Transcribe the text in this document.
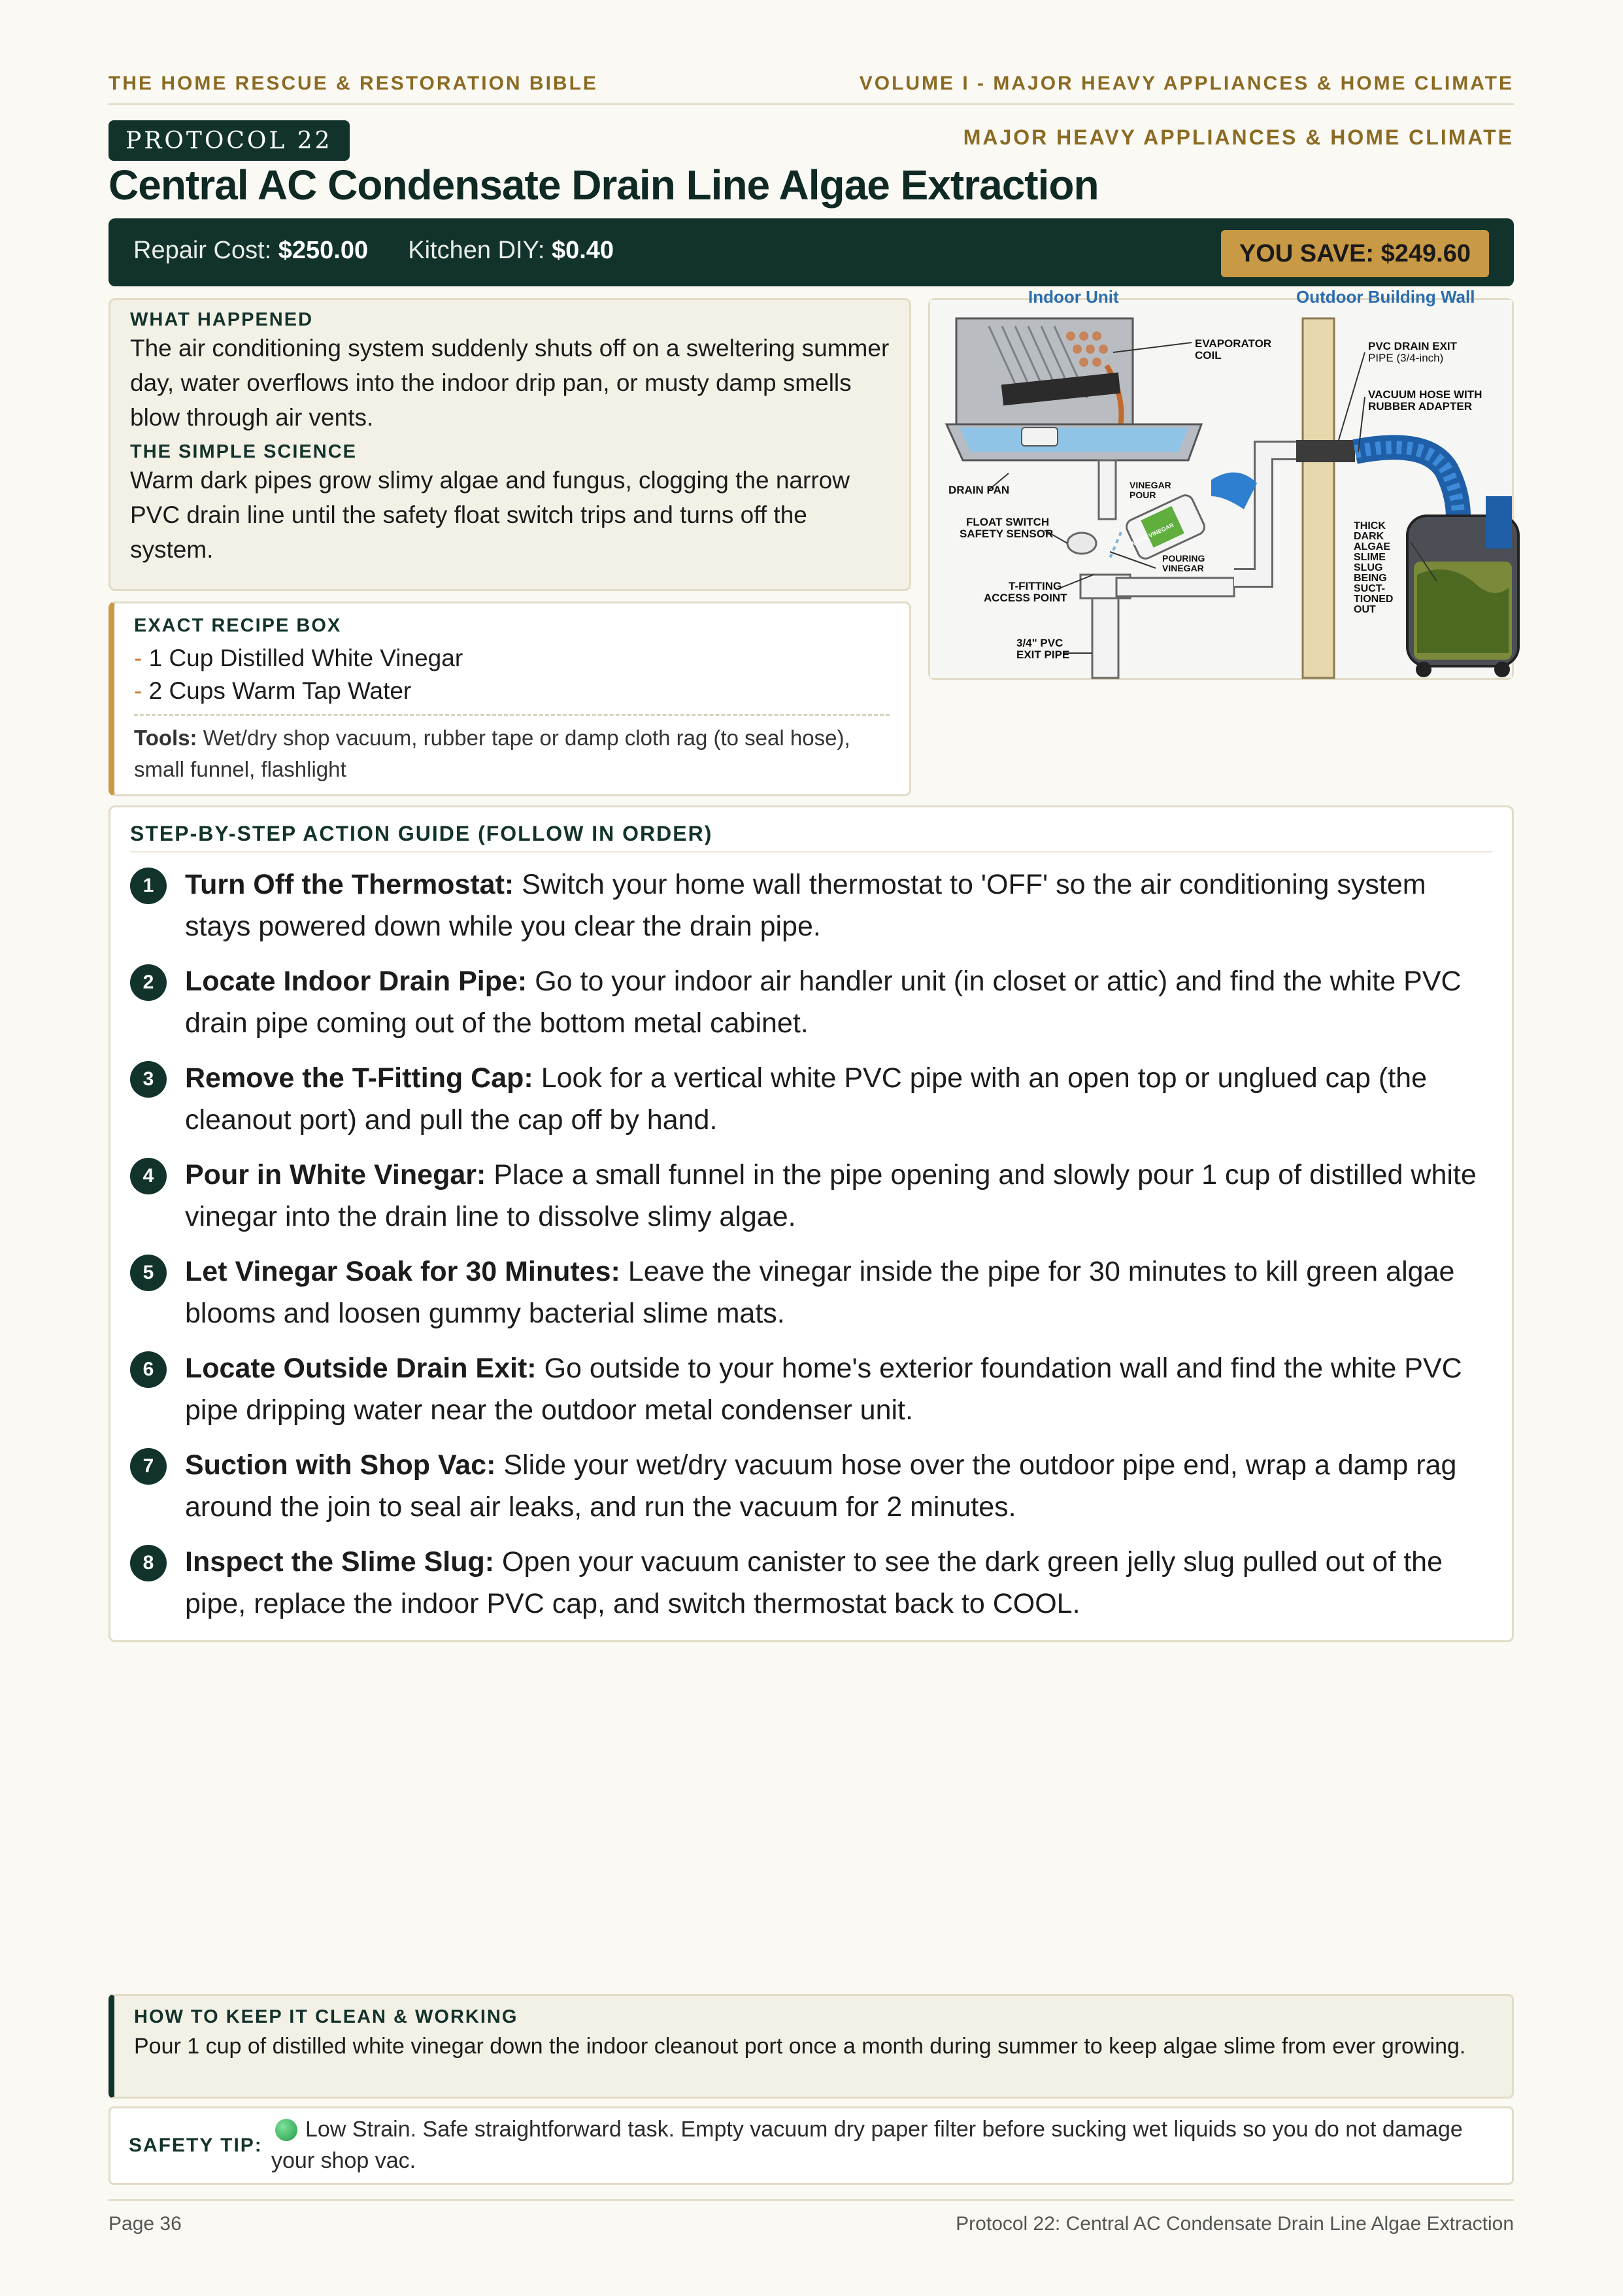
THE HOME RESCUE & RESTORATION BIBLE	VOLUME I - MAJOR HEAVY APPLIANCES & HOME CLIMATE
PROTOCOL 22	MAJOR HEAVY APPLIANCES & HOME CLIMATE
Central AC Condensate Drain Line Algae Extraction
Repair Cost: $250.00 Kitchen DIY: $0.40	YOU SAVE: $249.60
WHAT HAPPENED

The air conditioning system suddenly shuts off on a sweltering summer day, water overflows into the indoor drip pan, or musty damp smells blow through air vents.

THE SIMPLE SCIENCE

Warm dark pipes grow slimy algae and fungus, clogging the narrow PVC drain line until the safety float switch trips and turns off the system.

EXACT RECIPE BOX
- 1 Cup Distilled White Vinegar
- 2 Cups Warm Tap Water
Tools: Wet/dry shop vacuum, rubber tape or damp cloth rag (to seal hose), small funnel, flashlight
Indoor Unit	Outdoor Building Wall
WHITE VINEGAR
EVAPORATOR
COIL
PVC DRAIN EXIT
PIPE (3/4-inch)
VACUUM HOSE WITH
RUBBER ADAPTER
DRAIN PAN	VINEGAR
POUR
FLOAT SWITCH
SAFETY SENSOR
POURING
VINEGAR
T-FITTING
ACCESS POINT
3/4" PVC
EXIT PIPE
THICK
DARK
ALGAE
SLIME
SLUG
BEING
SUCT-
TIONED
OUT
STEP-BY-STEP ACTION GUIDE (FOLLOW IN ORDER)
1	Turn Off the Thermostat: Switch your home wall thermostat to 'OFF' so the air conditioning system stays powered down while you clear the drain pipe.
2	Locate Indoor Drain Pipe: Go to your indoor air handler unit (in closet or attic) and find the white PVC drain pipe coming out of the bottom metal cabinet.
3	Remove the T-Fitting Cap: Look for a vertical white PVC pipe with an open top or unglued cap (the cleanout port) and pull the cap off by hand.
4	Pour in White Vinegar: Place a small funnel in the pipe opening and slowly pour 1 cup of distilled white vinegar into the drain line to dissolve slimy algae.
5	Let Vinegar Soak for 30 Minutes: Leave the vinegar inside the pipe for 30 minutes to kill green algae blooms and loosen gummy bacterial slime mats.
6	Locate Outside Drain Exit: Go outside to your home's exterior foundation wall and find the white PVC pipe dripping water near the outdoor metal condenser unit.
7	Suction with Shop Vac: Slide your wet/dry vacuum hose over the outdoor pipe end, wrap a damp rag around the join to seal air leaks, and run the vacuum for 2 minutes.
8	Inspect the Slime Slug: Open your vacuum canister to see the dark green jelly slug pulled out of the pipe, replace the indoor PVC cap, and switch thermostat back to COOL.
HOW TO KEEP IT CLEAN & WORKING

Pour 1 cup of distilled white vinegar down the indoor cleanout port once a month during summer to keep algae slime from ever growing.

SAFETY TIP:
Low Strain. Safe straightforward task. Empty vacuum dry paper filter before sucking wet liquids so you do not damage your shop vac.
Page 36	Protocol 22: Central AC Condensate Drain Line Algae Extraction
